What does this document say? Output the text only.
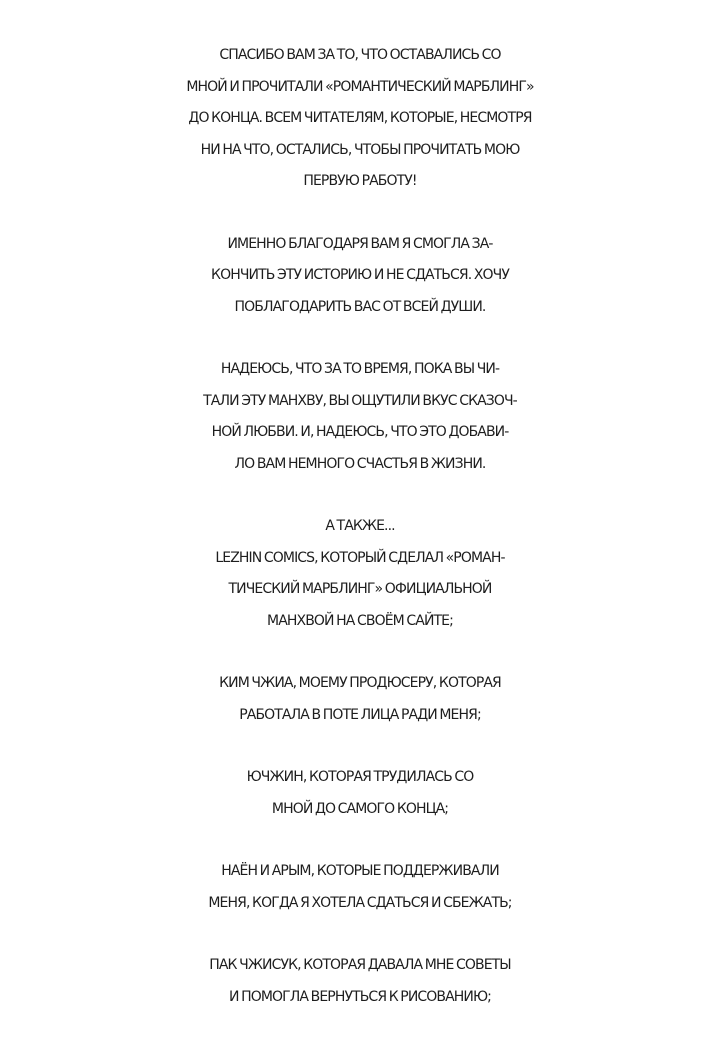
СПАСИБО ВАМ ЗА ТО, ЧТО ОСТАВАЛИСЬ СО
МНОЙ И ПРОЧИТАЛИ «РОМАНТИЧЕСКИЙ МАРБЛИНГ»
ДО КОНЦА. ВСЕМ ЧИТАТЕЛЯМ, КОТОРЫЕ, НЕСМОТРЯ
НИ НА ЧТО, ОСТАЛИСЬ, ЧТОБЫ ПРОЧИТАТЬ МОЮ
ПЕРВУЮ РАБОТУ!

ИМЕННО БЛАГОДАРЯ ВАМ Я СМОГЛА ЗА-
КОНЧИТЬ ЭТУ ИСТОРИЮ И НЕ СДАТЬСЯ. ХОЧУ
ПОБЛАГОДАРИТЬ ВАС ОТ ВСЕЙ ДУШИ.

НАДЕЮСЬ, ЧТО ЗА ТО ВРЕМЯ, ПОКА ВЫ ЧИ-
ТАЛИ ЭТУ МАНХВУ, ВЫ ОЩУТИЛИ ВКУС СКАЗОЧ-
НОЙ ЛЮБВИ. И, НАДЕЮСЬ, ЧТО ЭТО ДОБАВИ-
ЛО ВАМ НЕМНОГО СЧАСТЬЯ В ЖИЗНИ.

А ТАКЖЕ...
LEZHIN COMICS, КОТОРЫЙ СДЕЛАЛ «РОМАН-
ТИЧЕСКИЙ МАРБЛИНГ» ОФИЦИАЛЬНОЙ
МАНХВОЙ НА СВОЁМ САЙТЕ;

КИМ ЧЖИА, МОЕМУ ПРОДЮСЕРУ, КОТОРАЯ
РАБОТАЛА В ПОТЕ ЛИЦА РАДИ МЕНЯ;

ЮЧЖИН, КОТОРАЯ ТРУДИЛАСЬ СО
МНОЙ ДО САМОГО КОНЦА;

НАЁН И АРЫМ, КОТОРЫЕ ПОДДЕРЖИВАЛИ
МЕНЯ, КОГДА Я ХОТЕЛА СДАТЬСЯ И СБЕЖАТЬ;

ПАК ЧЖИСУК, КОТОРАЯ ДАВАЛА МНЕ СОВЕТЫ
И ПОМОГЛА ВЕРНУТЬСЯ К РИСОВАНИЮ;
